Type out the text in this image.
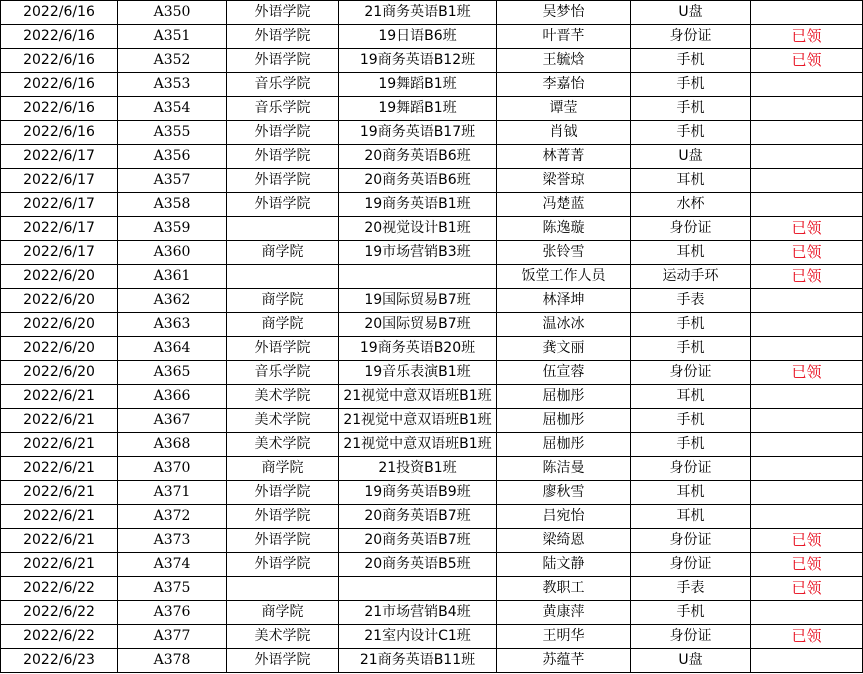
2022/6/16	A350	外语学院	21商务英语B1班	吴梦怡	U盘	
2022/6/16	A351	外语学院	19日语B6班	叶晋芊	身份证	已领
2022/6/16	A352	外语学院	19商务英语B12班	王毓焓	手机	已领
2022/6/16	A353	音乐学院	19舞蹈B1班	李嘉怡	手机	
2022/6/16	A354	音乐学院	19舞蹈B1班	谭莹	手机	
2022/6/16	A355	外语学院	19商务英语B17班	肖钺	手机	
2022/6/17	A356	外语学院	20商务英语B6班	林菁菁	U盘	
2022/6/17	A357	外语学院	20商务英语B6班	梁誉琼	耳机	
2022/6/17	A358	外语学院	19商务英语B1班	冯楚蓝	水杯	
2022/6/17	A359		20视觉设计B1班	陈逸璇	身份证	已领
2022/6/17	A360	商学院	19市场营销B3班	张铃雪	耳机	已领
2022/6/20	A361			饭堂工作人员	运动手环	已领
2022/6/20	A362	商学院	19国际贸易B7班	林泽坤	手表	
2022/6/20	A363	商学院	20国际贸易B7班	温冰冰	手机	
2022/6/20	A364	外语学院	19商务英语B20班	龚文丽	手机	
2022/6/20	A365	音乐学院	19音乐表演B1班	伍宣蓉	身份证	已领
2022/6/21	A366	美术学院	21视觉中意双语班B1班	屈枷彤	耳机	
2022/6/21	A367	美术学院	21视觉中意双语班B1班	屈枷彤	手机	
2022/6/21	A368	美术学院	21视觉中意双语班B1班	屈枷彤	手机	
2022/6/21	A370	商学院	21投资B1班	陈洁曼	身份证	
2022/6/21	A371	外语学院	19商务英语B9班	廖秋雪	耳机	
2022/6/21	A372	外语学院	20商务英语B7班	吕宛怡	耳机	
2022/6/21	A373	外语学院	20商务英语B7班	梁绮恩	身份证	已领
2022/6/21	A374	外语学院	20商务英语B5班	陆文静	身份证	已领
2022/6/22	A375			教职工	手表	已领
2022/6/22	A376	商学院	21市场营销B4班	黄康萍	手机	
2022/6/22	A377	美术学院	21室内设计C1班	王明华	身份证	已领
2022/6/23	A378	外语学院	21商务英语B11班	苏蕴芊	U盘	
